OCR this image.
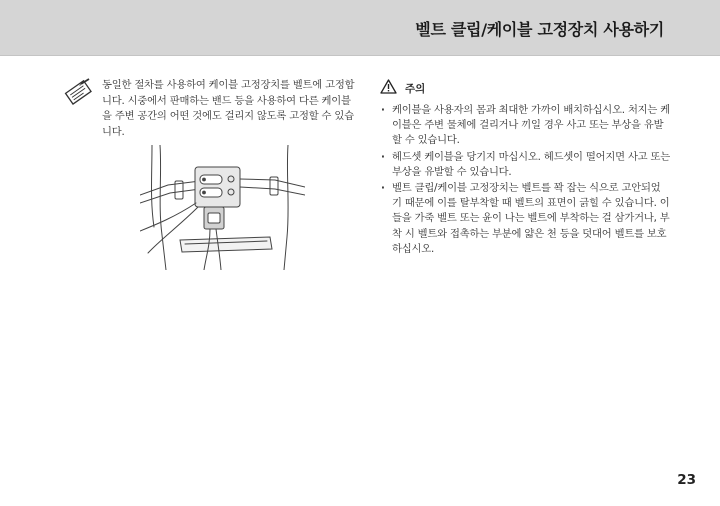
벨트 클립/케이블 고정장치 사용하기
동일한 절차를 사용하여 케이블 고정장치를 벨트에 고정합니다. 시중에서 판매하는 밴드 등을 사용하여 다른 케이블을 주변 공간의 어떤 것에도 걸리지 않도록 고정할 수 있습니다.
주의
· 케이블을 사용자의 몸과 최대한 가까이 배치하십시오. 처지는 케이블은 주변 물체에 걸리거나 끼일 경우 사고 또는 부상을 유발할 수 있습니다.
· 헤드셋 케이블을 당기지 마십시오. 헤드셋이 떨어지면 사고 또는 부상을 유발할 수 있습니다.
· 벨트 클립/케이블 고정장치는 벨트를 꽉 잡는 식으로 고안되었기 때문에 이를 탈부착할 때 벨트의 표면이 긁힐 수 있습니다. 이들을 가죽 벨트 또는 윤이 나는 벨트에 부착하는 걸 삼가거나, 부착 시 벨트와 접촉하는 부분에 얇은 천 등을 덧대어 벨트를 보호하십시오.
23
